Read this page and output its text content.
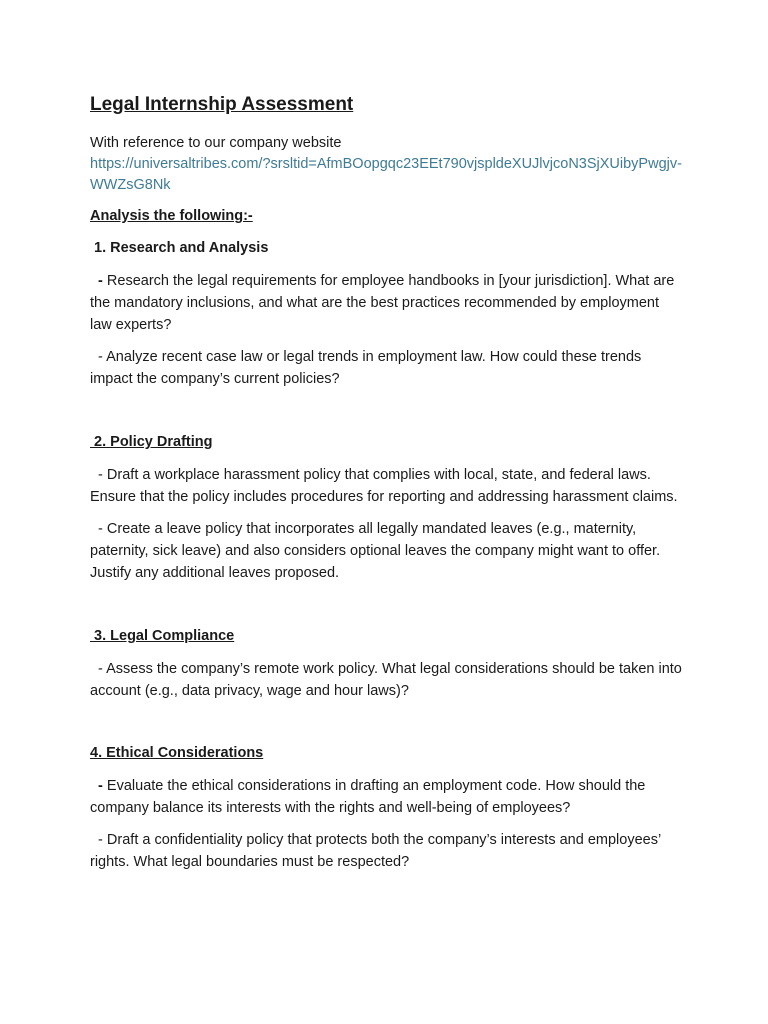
Legal Internship Assessment
With reference to our company website
https://universaltribes.com/?srsltid=AfmBOopgqc23EEt790vjspldeXUJlvjcoN3SjXUibyPwgjv-WWZsG8Nk
Analysis the following:-
1. Research and Analysis
- Research the legal requirements for employee handbooks in [your jurisdiction]. What are the mandatory inclusions, and what are the best practices recommended by employment law experts?
- Analyze recent case law or legal trends in employment law. How could these trends impact the company’s current policies?
2. Policy Drafting
- Draft a workplace harassment policy that complies with local, state, and federal laws. Ensure that the policy includes procedures for reporting and addressing harassment claims.
- Create a leave policy that incorporates all legally mandated leaves (e.g., maternity, paternity, sick leave) and also considers optional leaves the company might want to offer. Justify any additional leaves proposed.
3. Legal Compliance
- Assess the company’s remote work policy. What legal considerations should be taken into account (e.g., data privacy, wage and hour laws)?
4. Ethical Considerations
- Evaluate the ethical considerations in drafting an employment code. How should the company balance its interests with the rights and well-being of employees?
- Draft a confidentiality policy that protects both the company’s interests and employees’ rights. What legal boundaries must be respected?
